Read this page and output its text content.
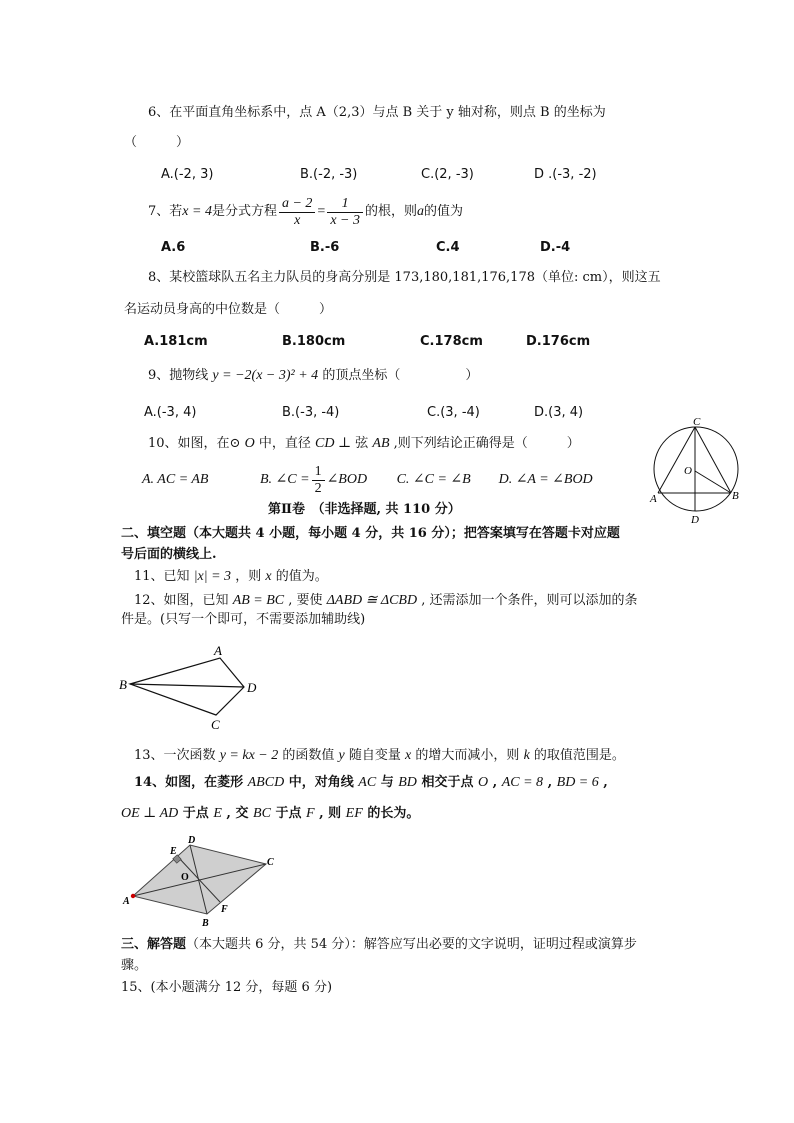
6、在平面直角坐标系中，点 A（2,3）与点 B 关于 y 轴对称，则点 B 的坐标为
（　　　）
A.(-2, 3)	B.(-2, -3)	C.(2, -3)	D .(-3, -2)
7、若 x = 4 是分式方程 $\frac{a - 2}{x} = \frac{1}{x - 3}$ 的根，则 a 的值为
A.6	B.-6	C.4	D.-4
8、某校篮球队五名主力队员的身高分别是 173,180,181,176,178（单位: cm），则这五
名运动员身高的中位数是（　　　）
A.181cm	B.180cm	C.178cm	D.176cm
9、抛物线 y = −2(x − 3)² + 4 的顶点坐标（　　　　　）
A.(-3, 4)	B.(-3, -4)	C.(3, -4)	D.(3, 4)
10、如图，在⊙ O 中，直径 CD ⊥ 弦 AB ,则下列结论正确得是（　　　）
A. AC = AB	B. ∠C = $\frac{1}{2}$ ∠BOD	C. ∠C = ∠B	D. ∠A = ∠BOD
C
O
A	B
D
第Ⅱ卷　（非选择题, 共 110 分）
二、填空题（本大题共 4 小题，每小题 4 分，共 16 分）；把答案填写在答题卡对应题
号后面的横线上.
11、已知 |x| = 3 ，则 x 的值为。
12、如图，已知 AB = BC , 要使 ΔABD ≅ ΔCBD , 还需添加一个条件，则可以添加的条
件是。(只写一个即可，不需要添加辅助线)
A
B	D
C
13、一次函数 y = kx − 2 的函数值 y 随自变量 x 的增大而减小，则 k 的取值范围是。
14、如图，在菱形 ABCD 中，对角线 AC 与 BD 相交于点 O , AC = 8 , BD = 6 ,
OE ⊥ AD 于点 E , 交 BC 于点 F , 则 EF 的长为。
D
E
C
O
A
B
F
三、解答题（本大题共 6 分，共 54 分）：解答应写出必要的文字说明，证明过程或演算步
骤。
15、(本小题满分 12 分，每题 6 分)
